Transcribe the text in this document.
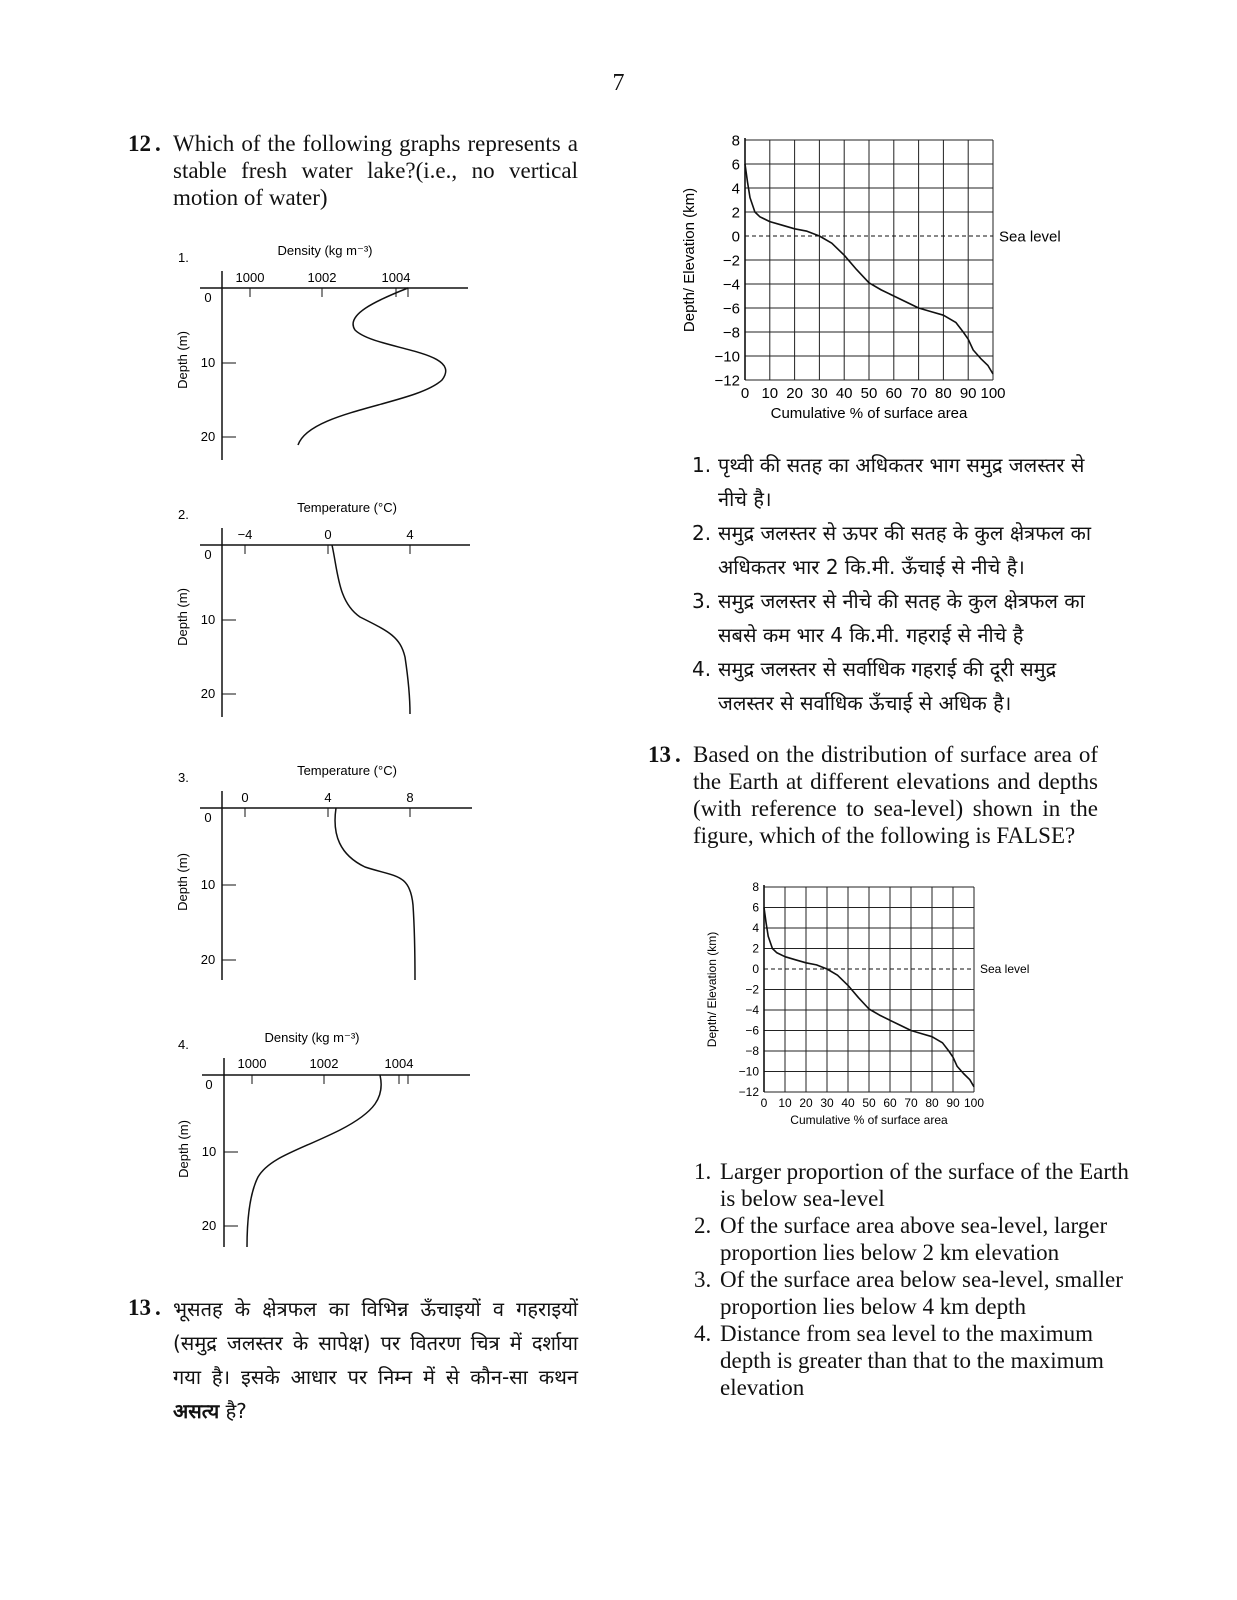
7
12 . Which of the following graphs represents a stable fresh water lake?(i.e., no vertical motion of water)
1.	Density (kg m⁻³)
1000	1002	1004
0
10
20
Depth (m)
2.	Temperature (°C)
−4	0	4
0
10
20
Depth (m)
3.	Temperature (°C)
0	4	8
0
10
20
Depth (m)
4.	Density (kg m⁻³)
1000	1002	1004
0
10
20
Depth (m)
13 . भूसतह के क्षेत्रफल का विभिन्न ऊँचाइयों व गहराइयों (समुद्र जलस्तर के सापेक्ष) पर वितरण चित्र में दर्शाया गया है। इसके आधार पर निम्न में से कौन-सा कथन असत्य है?
Sea level
8
6
4
2
0
−2
−4
−6
−8
−10
−12
0 10 20 30 40 50 60 70 80 90 100
Cumulative % of surface area
Depth/ Elevation (km)
1. पृथ्वी की सतह का अधिकतर भाग समुद्र जलस्तर से नीचे है।
2. समुद्र जलस्तर से ऊपर की सतह के कुल क्षेत्रफल का अधिकतर भार 2 कि.मी. ऊँचाई से नीचे है।
3. समुद्र जलस्तर से नीचे की सतह के कुल क्षेत्रफल का सबसे कम भार 4 कि.मी. गहराई से नीचे है
4. समुद्र जलस्तर से सर्वाधिक गहराई की दूरी समुद्र जलस्तर से सर्वाधिक ऊँचाई से अधिक है।
13 . Based on the distribution of surface area of the Earth at different elevations and depths (with reference to sea-level) shown in the figure, which of the following is FALSE?
Sea level
8
6
4
2
0
−2
−4
−6
−8
−10
−12
0 10 20 30 40 50 60 70 80 90 100
Cumulative % of surface area
Depth/ Elevation (km)
1. Larger proportion of the surface of the Earth is below sea-level
2. Of the surface area above sea-level, larger proportion lies below 2 km elevation
3. Of the surface area below sea-level, smaller proportion lies below 4 km depth
4. Distance from sea level to the maximum depth is greater than that to the maximum elevation
